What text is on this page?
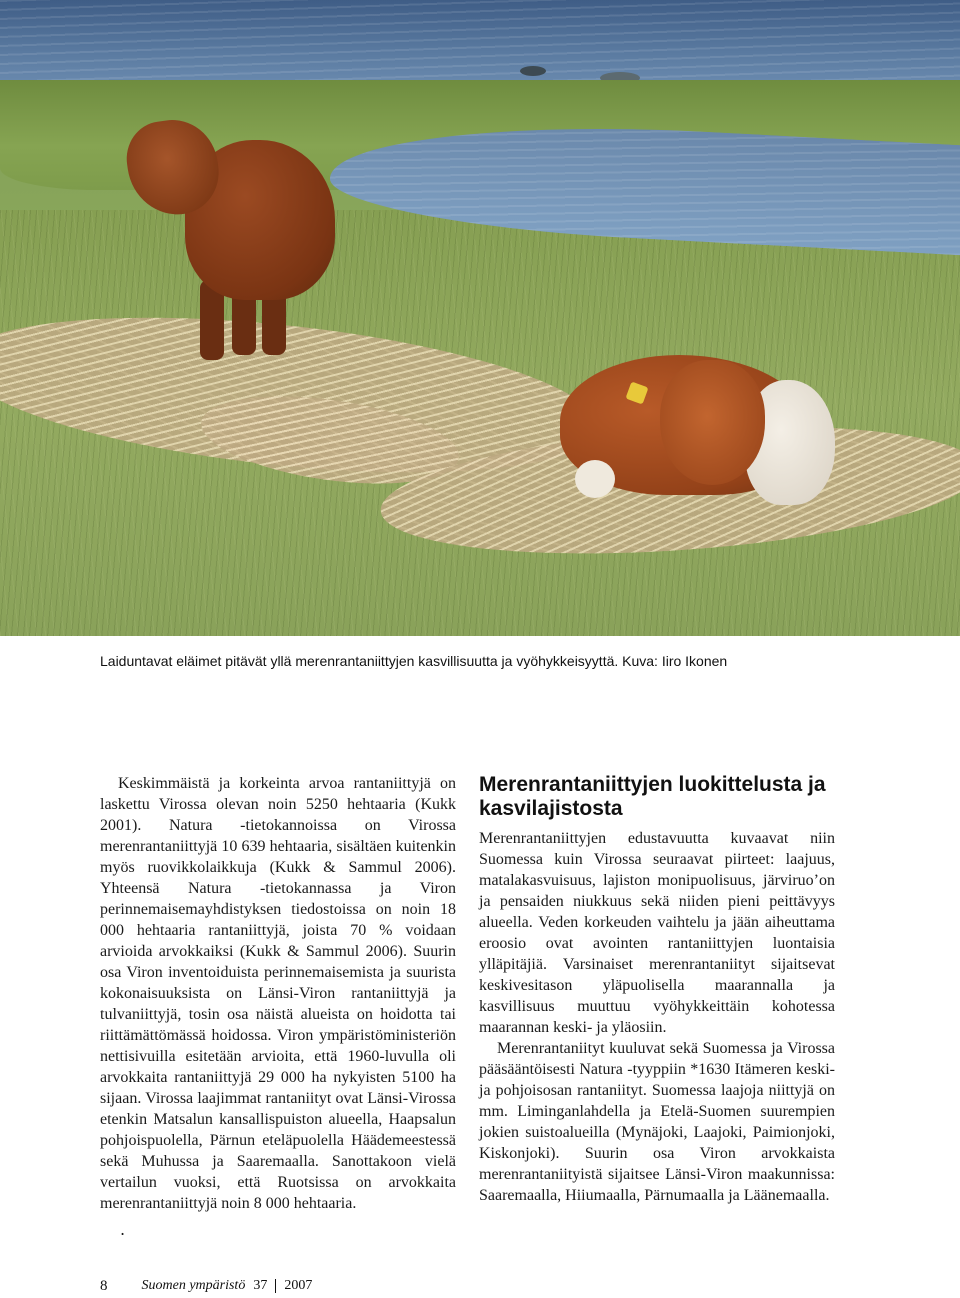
Laiduntavat eläimet pitävät yllä merenrantaniittyjen kasvillisuutta ja vyöhykkeisyyttä. Kuva: Iiro Ikonen
Keskimmäistä ja korkeinta arvoa rantaniittyjä on laskettu Virossa olevan noin 5250 hehtaaria (Kukk 2001). Natura -tietokannoissa on Virossa merenrantaniittyjä 10 639 hehtaaria, sisältäen kuitenkin myös ruovikkolaikkuja (Kukk & Sammul 2006). Yhteensä Natura -tietokannassa ja Viron perinnemaisemayhdistyksen tiedostoissa on noin 18 000 hehtaaria rantaniittyjä, joista 70 % voidaan arvioida arvokkaiksi (Kukk & Sammul 2006). Suurin osa Viron inventoiduista perinnemaisemista ja suurista kokonaisuuksista on Länsi-Viron rantaniittyjä ja tulvaniittyjä, tosin osa näistä alueista on hoidotta tai riittämättömässä hoidossa. Viron ympäristöministeriön nettisivuilla esitetään arvioita, että 1960-luvulla oli arvokkaita rantaniittyjä 29 000 ha nykyisten 5100 ha sijaan. Virossa laajimmat rantaniityt ovat Länsi-Virossa etenkin Matsalun kansallispuiston alueella, Haapsalun pohjoispuolella, Pärnun eteläpuolella Häädemeestessä sekä Muhussa ja Saaremaalla. Sanottakoon vielä vertailun vuoksi, että Ruotsissa on arvokkaita merenrantaniittyjä noin 8 000 hehtaaria.
.
Merenrantaniittyjen luokittelusta ja kasvilajistosta

Merenrantaniittyjen edustavuutta kuvaavat niin Suomessa kuin Virossa seuraavat piirteet: laajuus, matalakasvuisuus, lajiston monipuolisuus, järviruo’on ja pensaiden niukkuus sekä niiden pieni peittävyys alueella. Veden korkeuden vaihtelu ja jään aiheuttama eroosio ovat avointen rantaniittyjen luontaisia ylläpitäjiä. Varsinaiset merenrantaniityt sijaitsevat keskivesitason yläpuolisella maarannalla ja kasvillisuus muuttuu vyöhykkeittäin kohotessa maarannan keski- ja yläosiin.

Merenrantaniityt kuuluvat sekä Suomessa ja Virossa pääsääntöisesti Natura -tyyppiin *1630 Itämeren keski- ja pohjoisosan rantaniityt. Suomessa laajoja niittyjä on mm. Liminganlahdella ja Etelä-Suomen suurempien jokien suistoalueilla (Mynäjoki, Laajoki, Paimionjoki, Kiskonjoki). Suurin osa Viron arvokkaista merenrantaniityistä sijaitsee Länsi-Viron maakunnissa: Saaremaalla, Hiiumaalla, Pärnumaalla ja Läänemaalla.

8 Suomen ympäristö 37 2007
